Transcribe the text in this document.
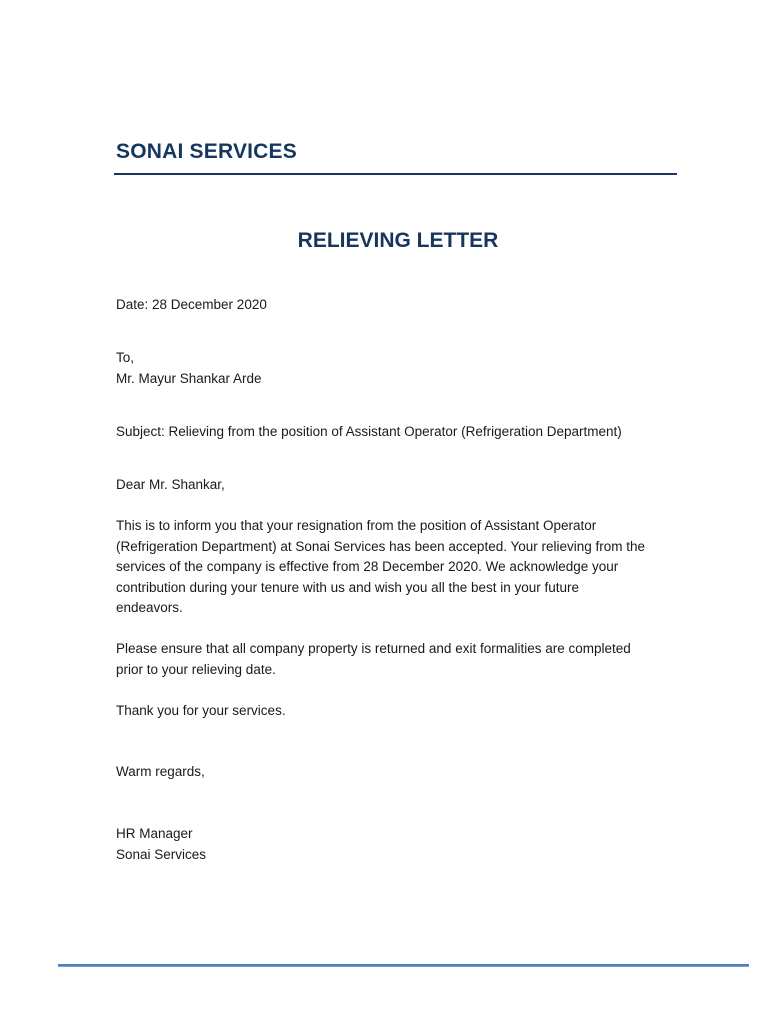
SONAI SERVICES
RELIEVING LETTER
Date: 28 December 2020
To,
Mr. Mayur Shankar Arde
Subject: Relieving from the position of Assistant Operator (Refrigeration Department)
Dear Mr. Shankar,
This is to inform you that your resignation from the position of Assistant Operator
(Refrigeration Department) at Sonai Services has been accepted. Your relieving from the
services of the company is effective from 28 December 2020. We acknowledge your
contribution during your tenure with us and wish you all the best in your future
endeavors.
Please ensure that all company property is returned and exit formalities are completed
prior to your relieving date.
Thank you for your services.
Warm regards,
HR Manager
Sonai Services
